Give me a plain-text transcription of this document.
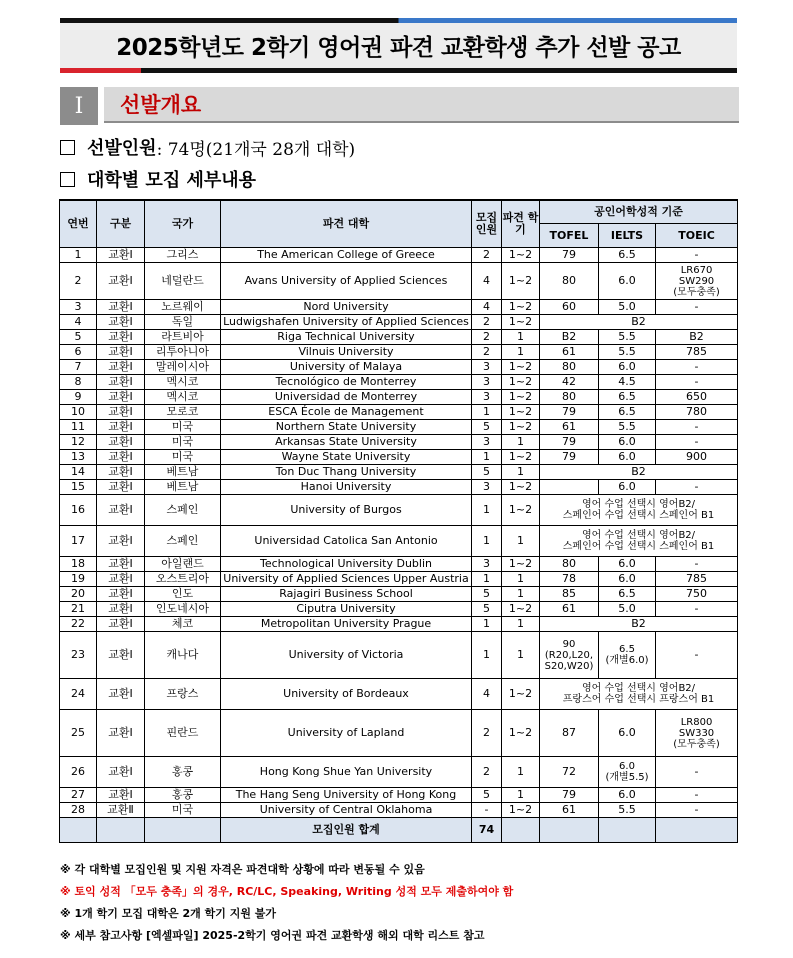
2025학년도 2학기 영어권 파견 교환학생 추가 선발 공고
Ⅰ	선발개요
선발인원 : 74명(21개국 28개 대학)
대학별 모집 세부내용
연번	구분	국가	파견 대학	모집 인원	파견 학기	공인어학성적 기준		
						TOFEL	IELTS	TOEIC
1	교환Ⅰ	그리스	The American College of Greece	2	1~2	79	6.5	-
2	교환Ⅰ	네덜란드	Avans University of Applied Sciences	4	1~2	80	6.0	LR670
SW290
(모두충족)
3	교환Ⅰ	노르웨이	Nord University	4	1~2	60	5.0	-
4	교환Ⅰ	독일	Ludwigshafen University of Applied Sciences	2	1~2	B2		
5	교환Ⅰ	라트비아	Riga Technical University	2	1	B2	5.5	B2
6	교환Ⅰ	리투아니아	Vilnuis University	2	1	61	5.5	785
7	교환Ⅰ	말레이시아	University of Malaya	3	1~2	80	6.0	-
8	교환Ⅰ	멕시코	Tecnológico de Monterrey	3	1~2	42	4.5	-
9	교환Ⅰ	멕시코	Universidad de Monterrey	3	1~2	80	6.5	650
10	교환Ⅰ	모로코	ESCA École de Management	1	1~2	79	6.5	780
11	교환Ⅰ	미국	Northern State University	5	1~2	61	5.5	-
12	교환Ⅰ	미국	Arkansas State University	3	1	79	6.0	-
13	교환Ⅰ	미국	Wayne State University	1	1~2	79	6.0	900
14	교환Ⅰ	베트남	Ton Duc Thang University	5	1	B2		
15	교환Ⅰ	베트남	Hanoi University	3	1~2		6.0	-
16	교환Ⅰ	스페인	University of Burgos	1	1~2	영어 수업 선택시 영어B2/
스페인어 수업 선택시 스페인어 B1		
17	교환Ⅰ	스페인	Universidad Catolica San Antonio	1	1	영어 수업 선택시 영어B2/
스페인어 수업 선택시 스페인어 B1		
18	교환Ⅰ	아일랜드	Technological University Dublin	3	1~2	80	6.0	-
19	교환Ⅰ	오스트리아	University of Applied Sciences Upper Austria	1	1	78	6.0	785
20	교환Ⅰ	인도	Rajagiri Business School	5	1	85	6.5	750
21	교환Ⅰ	인도네시아	Ciputra University	5	1~2	61	5.0	-
22	교환Ⅰ	체코	Metropolitan University Prague	1	1	B2		
23	교환Ⅰ	캐나다	University of Victoria	1	1	90
(R20,L20,
S20,W20)	6.5
(개별6.0)	-
24	교환Ⅰ	프랑스	University of Bordeaux	4	1~2	영어 수업 선택시 영어B2/
프랑스어 수업 선택시 프랑스어 B1		
25	교환Ⅰ	핀란드	University of Lapland	2	1~2	87	6.0	LR800
SW330
(모두충족)
26	교환Ⅰ	홍콩	Hong Kong Shue Yan University	2	1	72	6.0
(개별5.5)	-
27	교환Ⅰ	홍콩	The Hang Seng University of Hong Kong	5	1	79	6.0	-
28	교환Ⅱ	미국	University of Central Oklahoma	-	1~2	61	5.5	-
			모집인원 합계	74				
※ 각 대학별 모집인원 및 지원 자격은 파견대학 상황에 따라 변동될 수 있음
※ 토익 성적 「모두 충족」의 경우, RC/LC, Speaking, Writing 성적 모두 제출하여야 함
※ 1개 학기 모집 대학은 2개 학기 지원 불가
※ 세부 참고사항 [엑셀파일] 2025-2학기 영어권 파견 교환학생 해외 대학 리스트 참고
